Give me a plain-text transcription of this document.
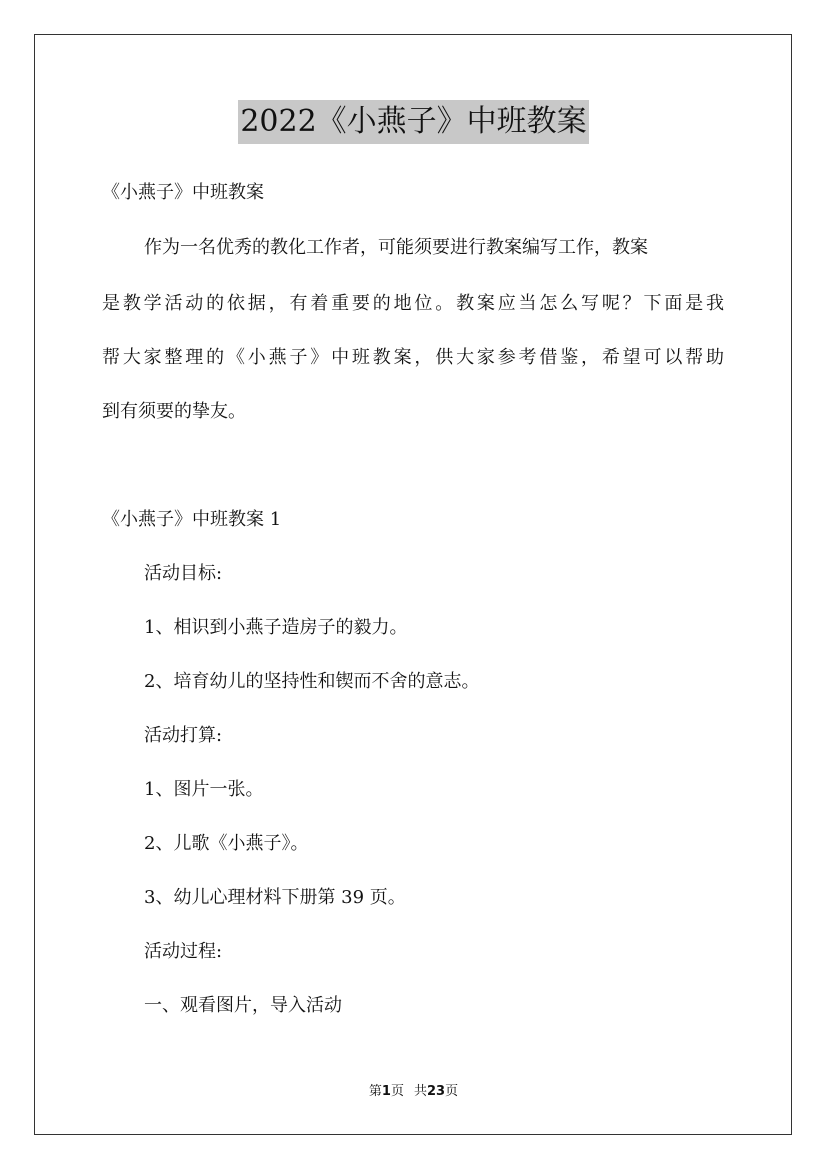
2022《小燕子》中班教案

《小燕子》中班教案

作为一名优秀的教化工作者，可能须要进行教案编写工作，教案

是教学活动的依据，有着重要的地位。教案应当怎么写呢？下面是我

帮大家整理的《小燕子》中班教案，供大家参考借鉴，希望可以帮助

到有须要的挚友。

《小燕子》中班教案 1

活动目标:

1、相识到小燕子造房子的毅力。

2、培育幼儿的坚持性和锲而不舍的意志。

活动打算:

1、图片一张。

2、儿歌《小燕子》。

3、幼儿心理材料下册第 39 页。

活动过程:

一、观看图片，导入活动

第1页 共23页
